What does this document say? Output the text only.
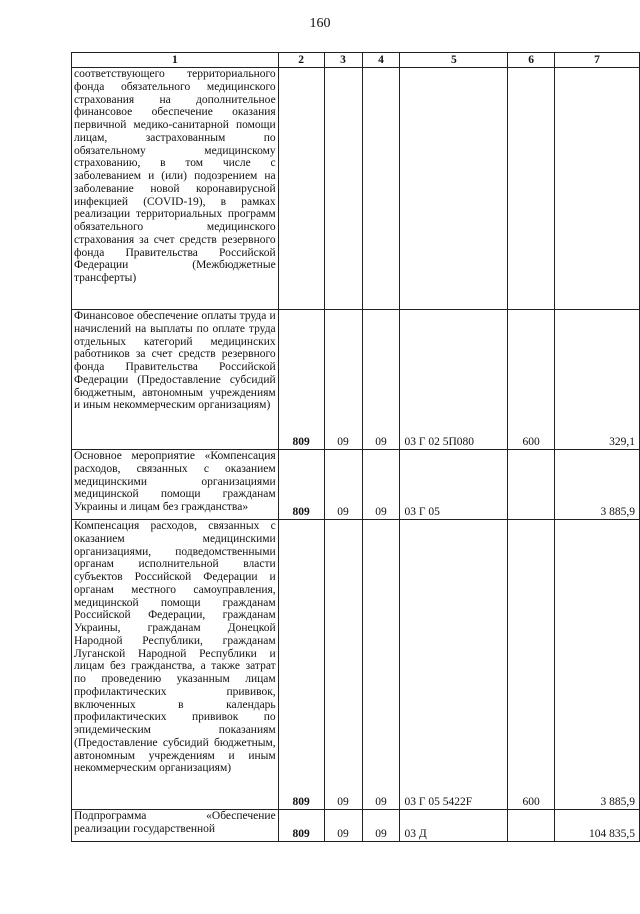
160
1	2	3	4	5	6	7

соответствующего территориального фонда обязательного медицинского страхования на дополнительное финансовое обеспечение оказания первичной медико-санитарной помощи лицам, застрахованным по обязательному медицинскому страхованию, в том числе с заболеванием и (или) подозрением на заболевание новой коронавирусной инфекцией (COVID-19), в рамках реализации территориальных программ обязательного медицинского страхования за счет средств резервного фонда Правительства Российской Федерации (Межбюджетные трансферты)						

Финансовое обеспечение оплаты труда и начислений на выплаты по оплате труда отдельных категорий медицинских работников за счет средств резервного фонда Правительства Российской Федерации (Предоставление субсидий бюджетным, автономным учреждениям и иным некоммерческим организациям)	809	09	09	03 Г 02 5П080	600	329,1

Основное мероприятие «Компенсация расходов, связанных с оказанием медицинскими организациями медицинской помощи гражданам Украины и лицам без гражданства»	809	09	09	03 Г 05		3 885,9

Компенсация расходов, связанных с оказанием медицинскими организациями, подведомственными органам исполнительной власти субъектов Российской Федерации и органам местного самоуправления, медицинской помощи гражданам Российской Федерации, гражданам Украины, гражданам Донецкой Народной Республики, гражданам Луганской Народной Республики и лицам без гражданства, а также затрат по проведению указанным лицам профилактических прививок, включенных в календарь профилактических прививок по эпидемическим показаниям (Предоставление субсидий бюджетным, автономным учреждениям и иным некоммерческим организациям)	809	09	09	03 Г 05 5422F	600	3 885,9

Подпрограмма «Обеспечение реализации государственной	809	09	09	03 Д		104 835,5
